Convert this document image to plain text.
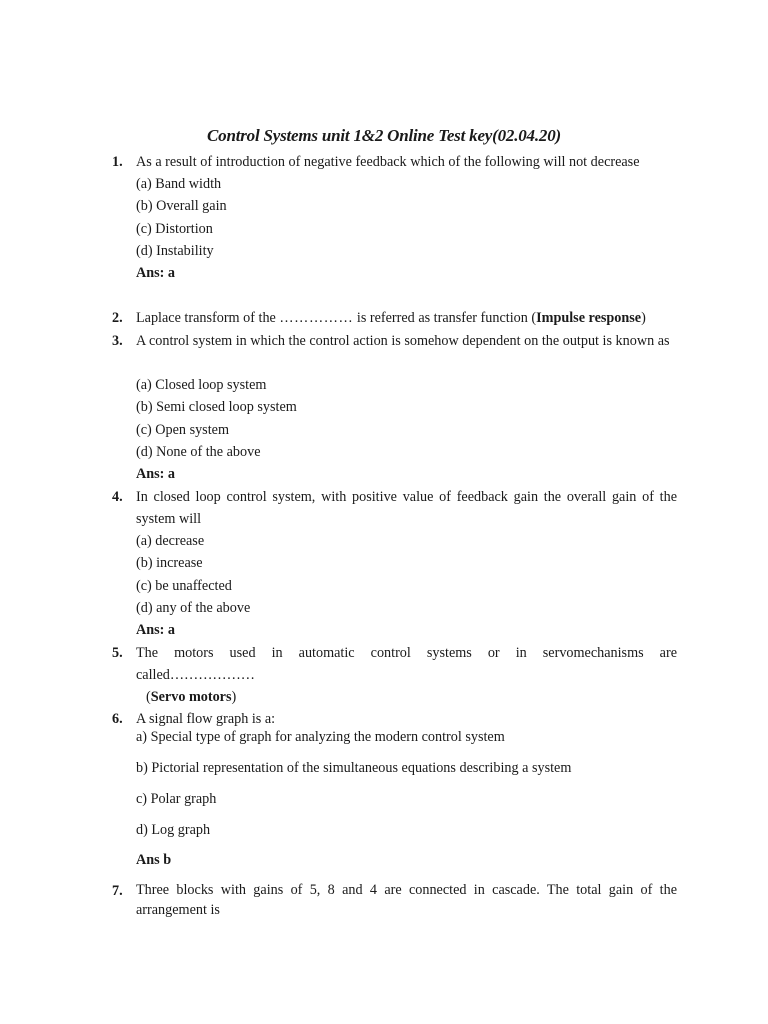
Control Systems unit 1&2 Online Test key(02.04.20)
1. As a result of introduction of negative feedback which of the following will not decrease
(a) Band width
(b) Overall gain
(c) Distortion
(d) Instability
Ans: a
2. Laplace transform of the …………… is referred as transfer function (Impulse response)
3. A control system in which the control action is somehow dependent on the output is known as
(a) Closed loop system
(b) Semi closed loop system
(c) Open system
(d) None of the above
Ans: a
4. In closed loop control system, with positive value of feedback gain the overall gain of the system will
(a) decrease
(b) increase
(c) be unaffected
(d) any of the above
Ans: a
5. The motors used in automatic control systems or in servomechanisms are
called………………
(Servo motors)
6. A signal flow graph is a:
a) Special type of graph for analyzing the modern control system
b) Pictorial representation of the simultaneous equations describing a system
c) Polar graph
d) Log graph
Ans b
7. Three blocks with gains of 5, 8 and 4 are connected in cascade. The total gain of the arrangement is
